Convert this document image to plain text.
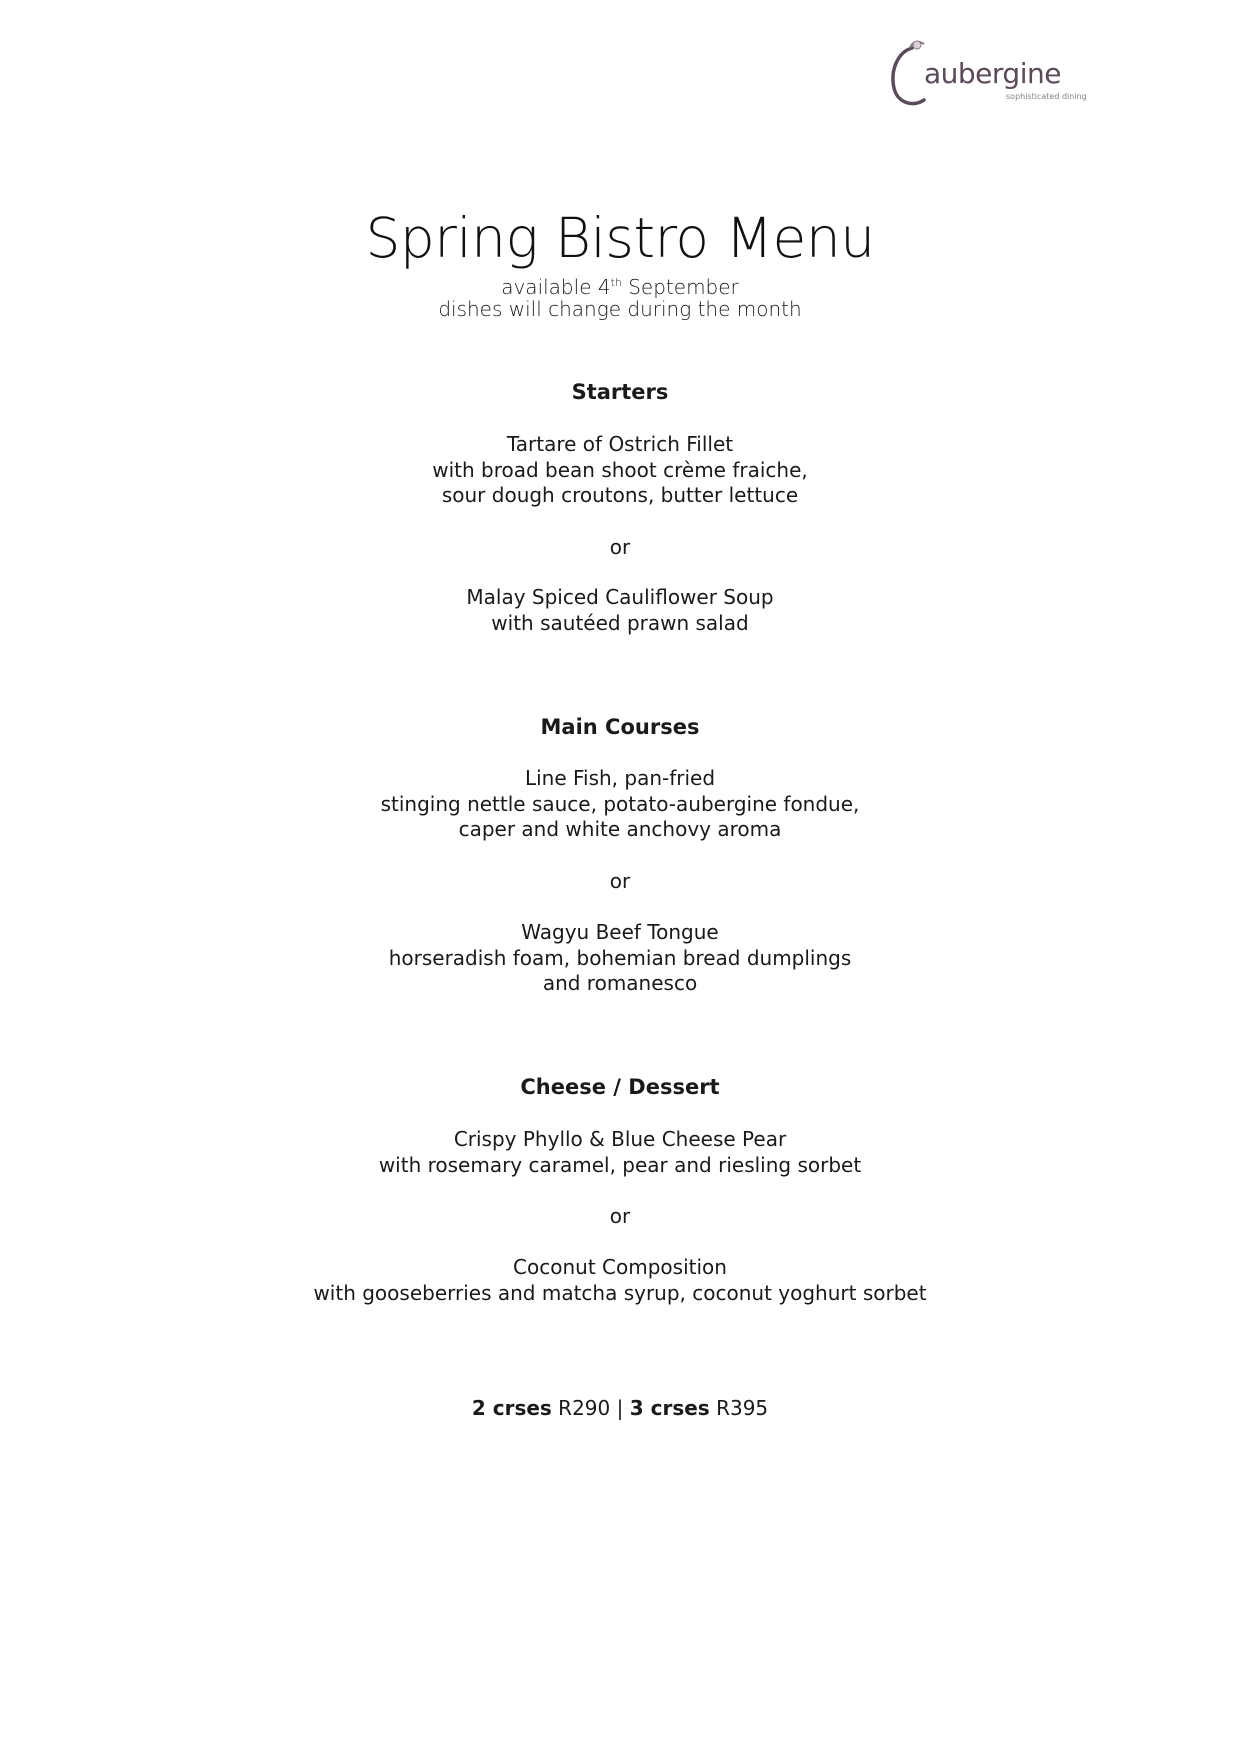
aubergine
sophisticated dining
Spring Bistro Menu
available 4th September
dishes will change during the month
Starters
Tartare of Ostrich Fillet
with broad bean shoot crème fraiche,
sour dough croutons, butter lettuce
or
Malay Spiced Cauliflower Soup
with sautéed prawn salad
Main Courses
Line Fish, pan-fried
stinging nettle sauce, potato-aubergine fondue,
caper and white anchovy aroma
or
Wagyu Beef Tongue
horseradish foam, bohemian bread dumplings
and romanesco
Cheese / Dessert
Crispy Phyllo & Blue Cheese Pear
with rosemary caramel, pear and riesling sorbet
or
Coconut Composition
with gooseberries and matcha syrup, coconut yoghurt sorbet
2 crses R290 | 3 crses R395
